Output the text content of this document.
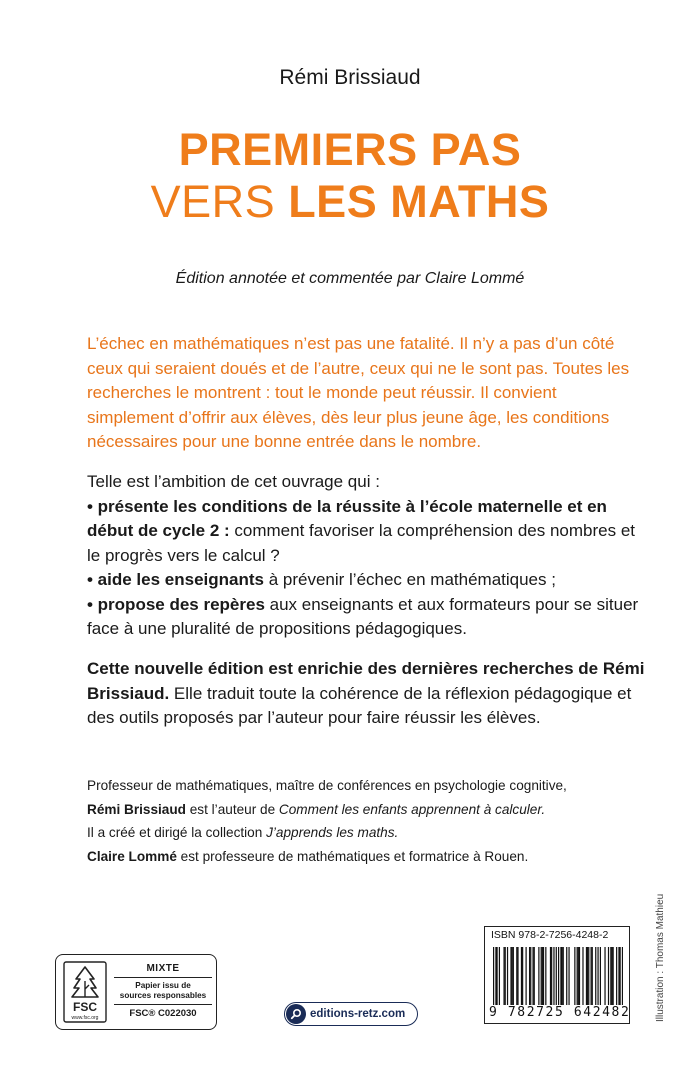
Rémi Brissiaud
PREMIERS PAS
VERS LES MATHS
Édition annotée et commentée par Claire Lommé
L’échec en mathématiques n’est pas une fatalité. Il n’y a pas d’un côté ceux qui seraient doués et de l’autre, ceux qui ne le sont pas. Toutes les recherches le montrent : tout le monde peut réussir. Il convient simplement d’offrir aux élèves, dès leur plus jeune âge, les conditions nécessaires pour une bonne entrée dans le nombre.
Telle est l’ambition de cet ouvrage qui :
• présente les conditions de la réussite à l’école maternelle et en début de cycle 2 : comment favoriser la compréhension des nombres et le progrès vers le calcul ?
• aide les enseignants à prévenir l’échec en mathématiques ;
• propose des repères aux enseignants et aux formateurs pour se situer face à une pluralité de propositions pédagogiques.
Cette nouvelle édition est enrichie des dernières recherches de Rémi Brissiaud. Elle traduit toute la cohérence de la réflexion pédagogique et des outils proposés par l’auteur pour faire réussir les élèves.
Professeur de mathématiques, maître de conférences en psychologie cognitive,
Rémi Brissiaud est l’auteur de Comment les enfants apprennent à calculer.
Il a créé et dirigé la collection J’apprends les maths.
Claire Lommé est professeure de mathématiques et formatrice à Rouen.
Illustration : Thomas Mathieu
FSC
www.fsc.org
MIXTE
Papier issu de
sources responsables
FSC® C022030	editions-retz.com
ISBN 978-2-7256-4248-2
9 782725 642482
